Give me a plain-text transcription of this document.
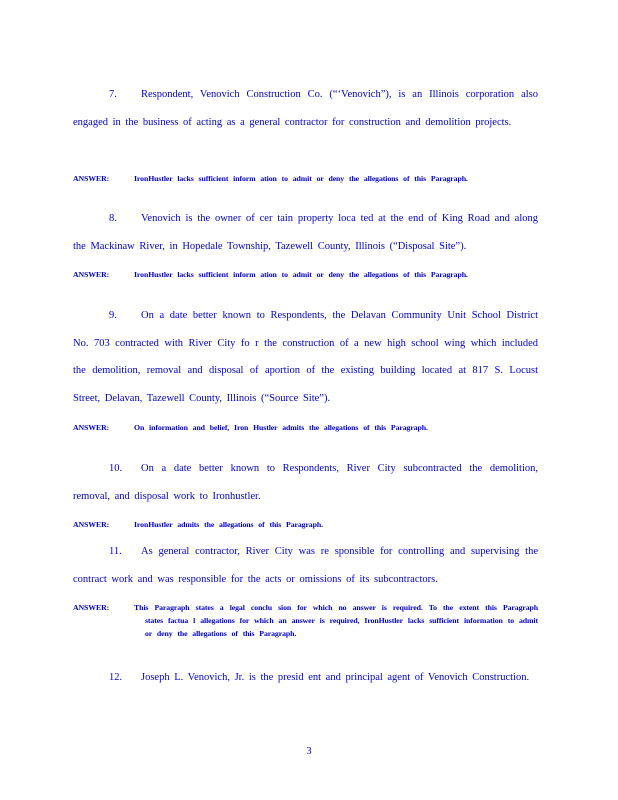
7. Respondent, Venovich Construction Co. (“‘Venovich”), is an Illinois corporation also engaged in the business of acting as a general contractor for construction and demolition projects.

ANSWER:	IronHustler lacks sufficient inform ation to admit or deny the allegations of this Paragraph.

8. Venovich is the owner of cer tain property loca ted at the end of King Road and along the Mackinaw River, in Hopedale Township, Tazewell County, Illinois (“Disposal Site”).

ANSWER:	IronHustler lacks sufficient inform ation to admit or deny the allegations of this Paragraph.

9. On a date better known to Respondents, the Delavan Community Unit School District No. 703 contracted with River City fo r the construction of a new high school wing which included the demolition, removal and disposal of aportion of the existing building located at 817 S. Locust Street, Delavan, Tazewell County, Illinois (“Source Site”).

ANSWER:	On information and belief, Iron Hustler admits the allegations of this Paragraph.

10. On a date better known to Respondents, River City subcontracted the demolition, removal, and disposal work to Ironhustler.

ANSWER:	IronHustler admits the allegations of this Paragraph.

11. As general contractor, River City was re sponsible for controlling and supervising the contract work and was responsible for the acts or omissions of its subcontractors.

ANSWER:	This Paragraph states a legal conclu sion for which no answer is required. To the extent this Paragraph states factua l allegations for which an answer is required, IronHustler lacks sufficient information to admit or deny the allegations of this Paragraph.

12. Joseph L. Venovich, Jr. is the presid ent and principal agent of Venovich Construction.

3
